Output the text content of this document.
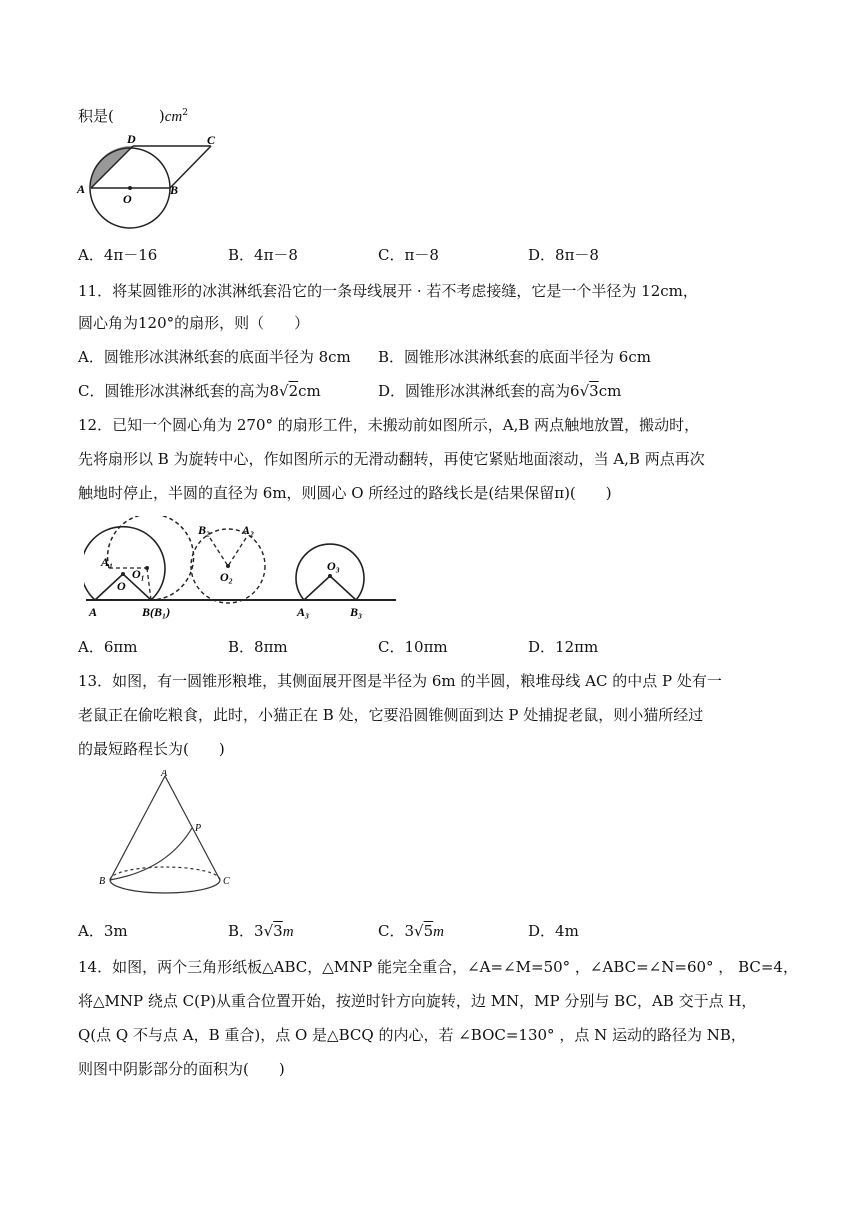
积是(　　　)$cm^2$
D	C
A	B
O
A．4π－16	B．4π－8	C．π－8	D．8π－8
11．将某圆锥形的冰淇淋纸套沿它的一条母线展开 · 若不考虑接缝，它是一个半径为 12cm，
圆心角为120°的扇形，则（　　）
A．圆锥形冰淇淋纸套的底面半径为 8cm B．圆锥形冰淇淋纸套的底面半径为 6cm
C．圆锥形冰淇淋纸套的高为8√2cm	D．圆锥形冰淇淋纸套的高为6√3cm
12．已知一个圆心角为 270° 的扇形工件，未搬动前如图所示，A,B 两点触地放置，搬动时，
先将扇形以 B 为旋转中心，作如图所示的无滑动翻转，再使它紧贴地面滚动，当 A,B 两点再次
触地时停止，半圆的直径为 6m，则圆心 O 所经过的路线长是(结果保留π)(　　)
A	B(B₁)
A₁
O
O₁
B₂	A₂
O₂
O₃
A₃	B₃
A．6πm	B．8πm	C．10πm	D．12πm
13．如图，有一圆锥形粮堆，其侧面展开图是半径为 6m 的半圆，粮堆母线 AC 的中点 P 处有一
老鼠正在偷吃粮食，此时，小猫正在 B 处，它要沿圆锥侧面到达 P 处捕捉老鼠，则小猫所经过
的最短路程长为(　　)
A
P
B	C
A．3m	B．3√3m	C．3√5m	D．4m
14．如图，两个三角形纸板△ABC，△MNP 能完全重合，∠A=∠M=50° ，∠ABC=∠N=60° ， BC=4，
将△MNP 绕点 C(P)从重合位置开始，按逆时针方向旋转，边 MN，MP 分别与 BC，AB 交于点 H，
Q(点 Q 不与点 A，B 重合)，点 O 是△BCQ 的内心，若 ∠BOC=130° ，点 N 运动的路径为 NB，
则图中阴影部分的面积为(　　)
